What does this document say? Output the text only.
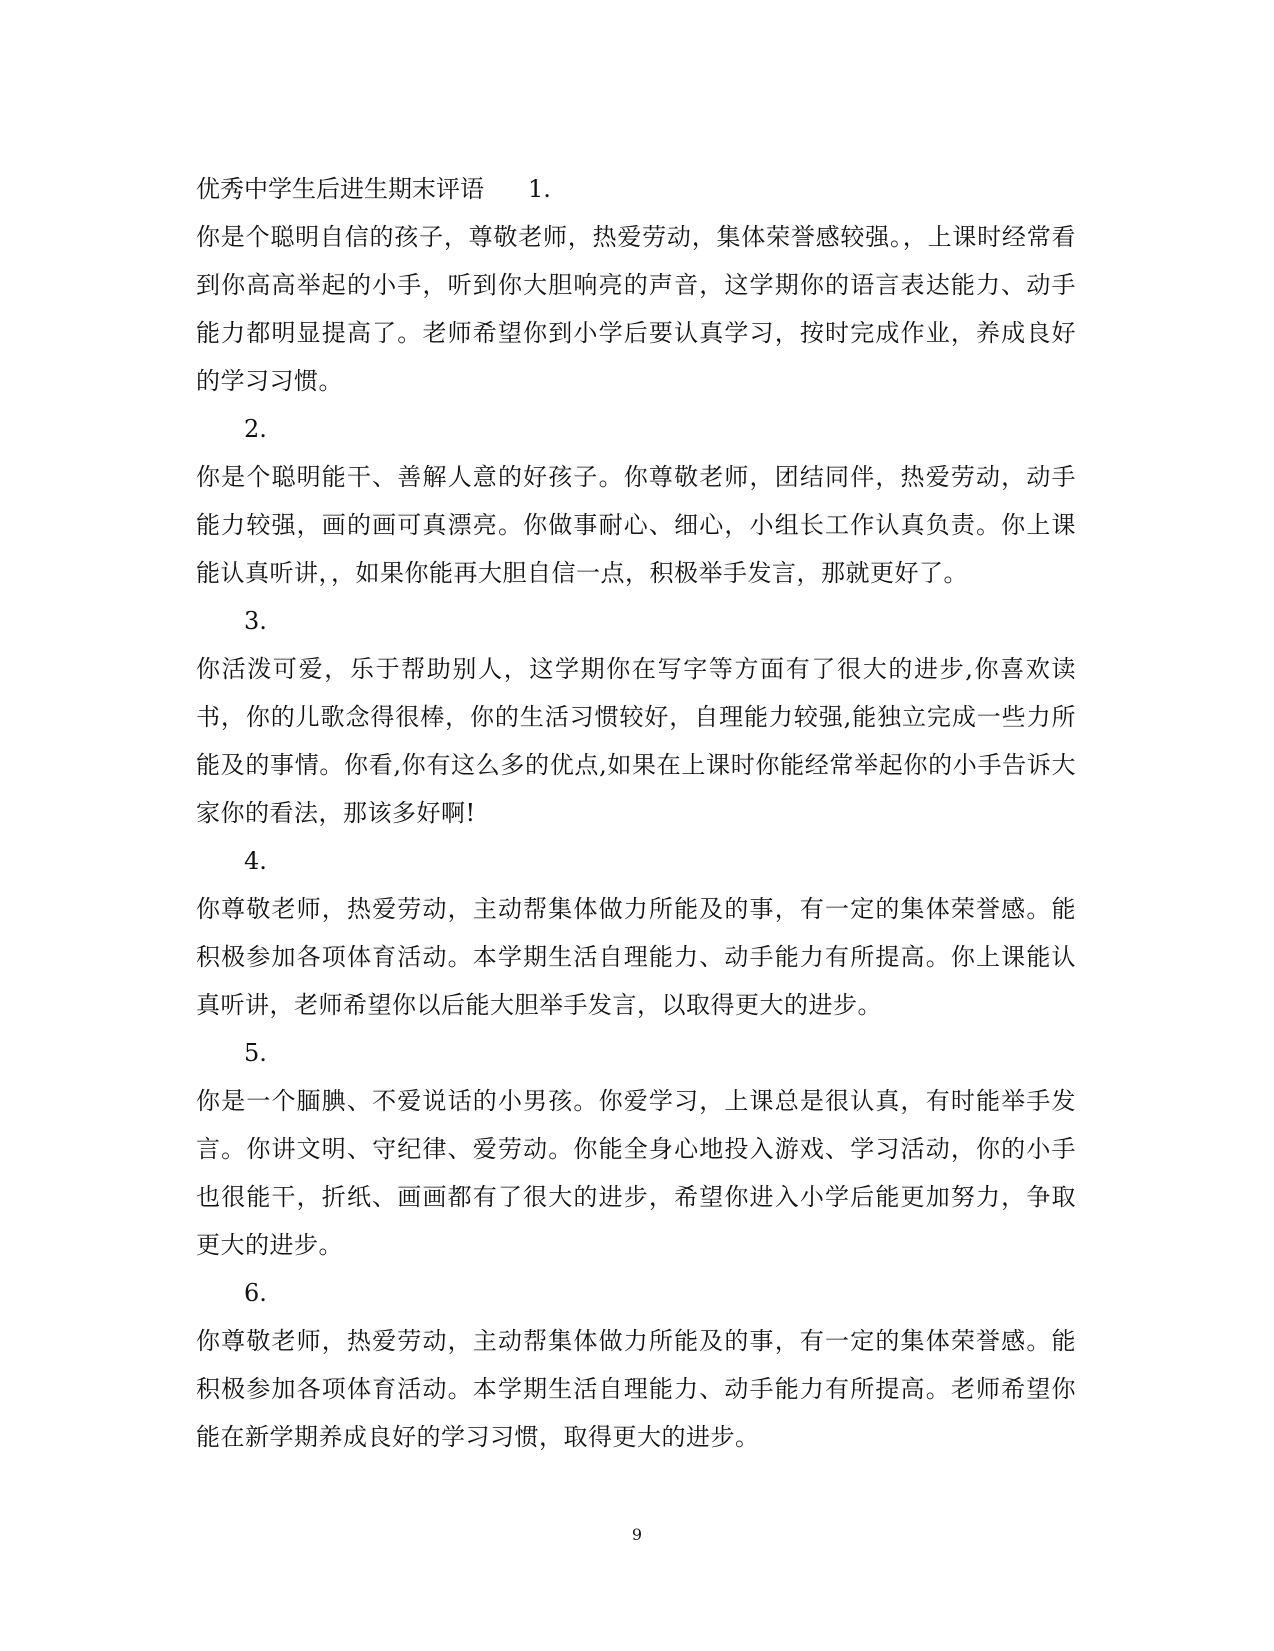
优秀中学生后进生期末评语 1.

你是个聪明自信的孩子，尊敬老师，热爱劳动，集体荣誉感较强。，上课时经常看到你高高举起的小手，听到你大胆响亮的声音，这学期你的语言表达能力、动手能力都明显提高了。老师希望你到小学后要认真学习，按时完成作业，养成良好的学习习惯。

2.

你是个聪明能干、善解人意的好孩子。你尊敬老师，团结同伴，热爱劳动，动手能力较强，画的画可真漂亮。你做事耐心、细心，小组长工作认真负责。你上课能认真听讲，，如果你能再大胆自信一点，积极举手发言，那就更好了。

3.

你活泼可爱，乐于帮助别人，这学期你在写字等方面有了很大的进步,你喜欢读书，你的儿歌念得很棒，你的生活习惯较好，自理能力较强,能独立完成一些力所能及的事情。你看,你有这么多的优点,如果在上课时你能经常举起你的小手告诉大家你的看法，那该多好啊!

4.

你尊敬老师，热爱劳动，主动帮集体做力所能及的事，有一定的集体荣誉感。能积极参加各项体育活动。本学期生活自理能力、动手能力有所提高。你上课能认真听讲，老师希望你以后能大胆举手发言，以取得更大的进步。

5.

你是一个腼腆、不爱说话的小男孩。你爱学习，上课总是很认真，有时能举手发言。你讲文明、守纪律、爱劳动。你能全身心地投入游戏、学习活动，你的小手也很能干，折纸、画画都有了很大的进步，希望你进入小学后能更加努力，争取更大的进步。

6.

你尊敬老师，热爱劳动，主动帮集体做力所能及的事，有一定的集体荣誉感。能积极参加各项体育活动。本学期生活自理能力、动手能力有所提高。老师希望你能在新学期养成良好的学习习惯，取得更大的进步。

9
